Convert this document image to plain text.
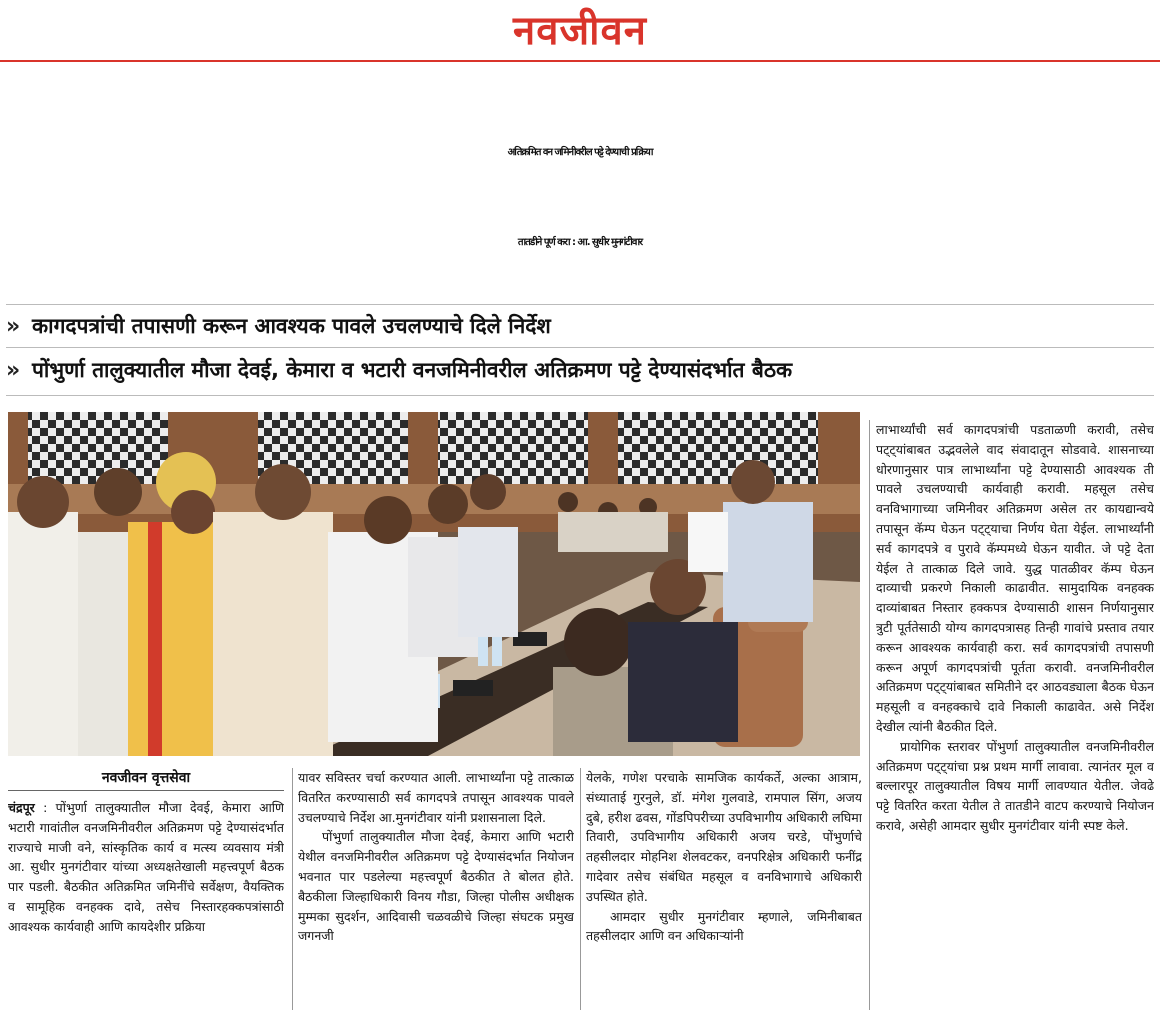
नवजीवन
अतिक्रमित वन जमिनीवरील पट्टे देण्याची प्रक्रिया
तातडीने पूर्ण करा : आ. सुधीर मुनगंटीवार
» कागदपत्रांची तपासणी करून आवश्यक पावले उचलण्याचे दिले निर्देश
» पोंभुर्णा तालुक्यातील मौजा देवई, केमारा व भटारी वनजमिनीवरील अतिक्रमण पट्टे देण्यासंदर्भात बैठक
नवजीवन वृत्तसेवा

चंद्रपूर : पोंभुर्णा तालुक्यातील मौजा देवई, केमारा आणि भटारी गावांतील वनजमिनीवरील अतिक्रमण पट्टे देण्यासंदर्भात राज्याचे माजी वने, सांस्कृतिक कार्य व मत्स्य व्यवसाय मंत्री आ. सुधीर मुनगंटीवार यांच्या अध्यक्षतेखाली महत्त्वपूर्ण बैठक पार पडली. बैठकीत अतिक्रमित जमिनींचे सर्वेक्षण, वैयक्तिक व सामूहिक वनहक्क दावे, तसेच निस्तारहक्कपत्रांसाठी आवश्यक कार्यवाही आणि कायदेशीर प्रक्रिया

यावर सविस्तर चर्चा करण्यात आली. लाभार्थ्यांना पट्टे तात्काळ वितरित करण्यासाठी सर्व कागदपत्रे तपासून आवश्यक पावले उचलण्याचे निर्देश आ.मुनगंटीवार यांनी प्रशासनाला दिले.

पोंभुर्णा तालुक्यातील मौजा देवई, केमारा आणि भटारी येथील वनजमिनीवरील अतिक्रमण पट्टे देण्यासंदर्भात नियोजन भवनात पार पडलेल्या महत्त्वपूर्ण बैठकीत ते बोलत होते. बैठकीला जिल्हाधिकारी विनय गौडा, जिल्हा पोलीस अधीक्षक मुम्मका सुदर्शन, आदिवासी चळवळीचे जिल्हा संघटक प्रमुख जगनजी

येलके, गणेश परचाके सामजिक कार्यकर्ते, अल्का आत्राम, संध्याताई गुरनुले, डॉ. मंगेश गुलवाडे, रामपाल सिंग, अजय दुबे, हरीश ढवस, गोंडपिपरीच्या उपविभागीय अधिकारी लघिमा तिवारी, उपविभागीय अधिकारी अजय चरडे, पोंभुर्णाचे तहसीलदार मोहनिश शेलवटकर, वनपरिक्षेत्र अधिकारी फनींद्र गादेवार तसेच संबंधित महसूल व वनविभागाचे अधिकारी उपस्थित होते.

आमदार सुधीर मुनगंटीवार म्हणाले, जमिनीबाबत तहसीलदार आणि वन अधिकाऱ्यांनी

लाभार्थ्यांची सर्व कागदपत्रांची पडताळणी करावी, तसेच पट्ट्यांबाबत उद्भवलेले वाद संवादातून सोडवावे. शासनाच्या धोरणानुसार पात्र लाभार्थ्यांना पट्टे देण्यासाठी आवश्यक ती पावले उचलण्याची कार्यवाही करावी. महसूल तसेच वनविभागाच्या जमिनीवर अतिक्रमण असेल तर कायद्यान्वये तपासून कॅम्प घेऊन पट्ट्याचा निर्णय घेता येईल. लाभार्थ्यांनी सर्व कागदपत्रे व पुरावे कॅम्पमध्ये घेऊन यावीत. जे पट्टे देता येईल ते तात्काळ दिले जावे. युद्ध पातळीवर कॅम्प घेऊन दाव्याची प्रकरणे निकाली काढावीत. सामुदायिक वनहक्क दाव्यांबाबत निस्तार हक्कपत्र देण्यासाठी शासन निर्णयानुसार त्रुटी पूर्ततेसाठी योग्य कागदपत्रासह तिन्ही गावांचे प्रस्ताव तयार करून आवश्यक कार्यवाही करा. सर्व कागदपत्रांची तपासणी करून अपूर्ण कागदपत्रांची पूर्तता करावी. वनजमिनीवरील अतिक्रमण पट्ट्यांबाबत समितीने दर आठवड्याला बैठक घेऊन महसूली व वनहक्काचे दावे निकाली काढावेत. असे निर्देश देखील त्यांनी बैठकीत दिले.

प्रायोगिक स्तरावर पोंभुर्णा तालुक्यातील वनजमिनीवरील अतिक्रमण पट्ट्यांचा प्रश्न प्रथम मार्गी लावावा. त्यानंतर मूल व बल्लारपूर तालुक्यातील विषय मार्गी लावण्यात येतील. जेवढे पट्टे वितरित करता येतील ते तातडीने वाटप करण्याचे नियोजन करावे, असेही आमदार सुधीर मुनगंटीवार यांनी स्पष्ट केले.
